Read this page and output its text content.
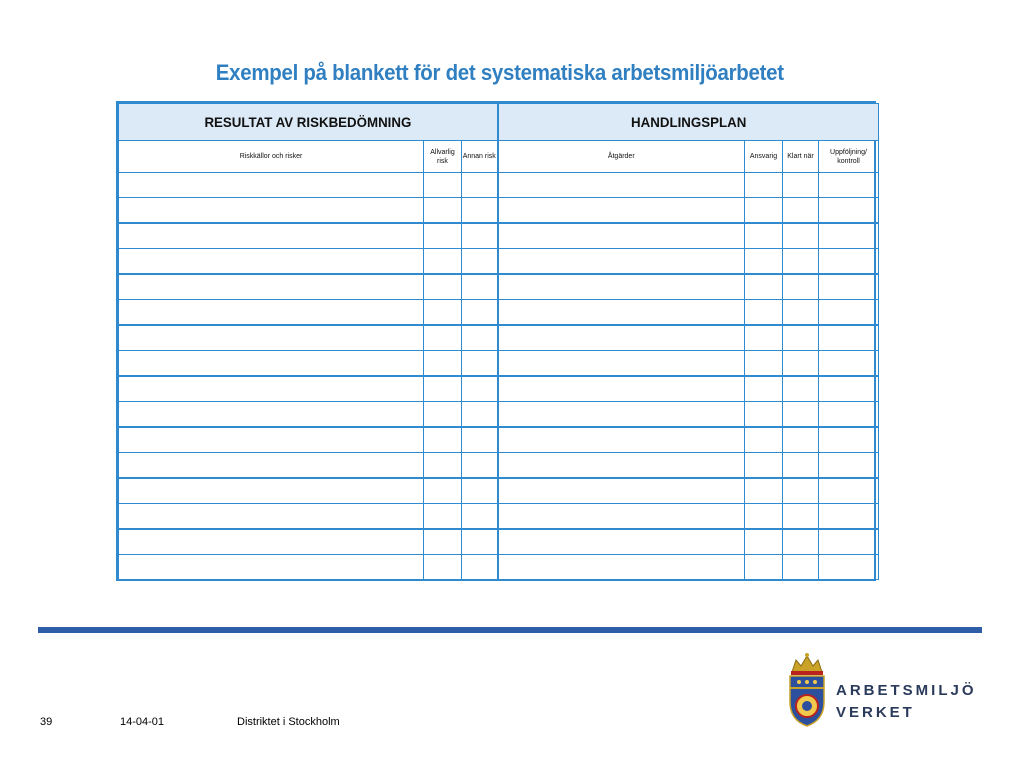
Exempel på blankett för det systematiska arbetsmiljöarbetet
RESULTAT AV RISKBEDÖMNING			HANDLINGSPLAN			
Riskkällor och risker	Allvarlig risk	Annan risk	Åtgärder	Ansvarig	Klart när	Uppföljning/ kontroll

39	14-04-01	Distriktet i Stockholm
ARBETSMILJÖ
VERKET
